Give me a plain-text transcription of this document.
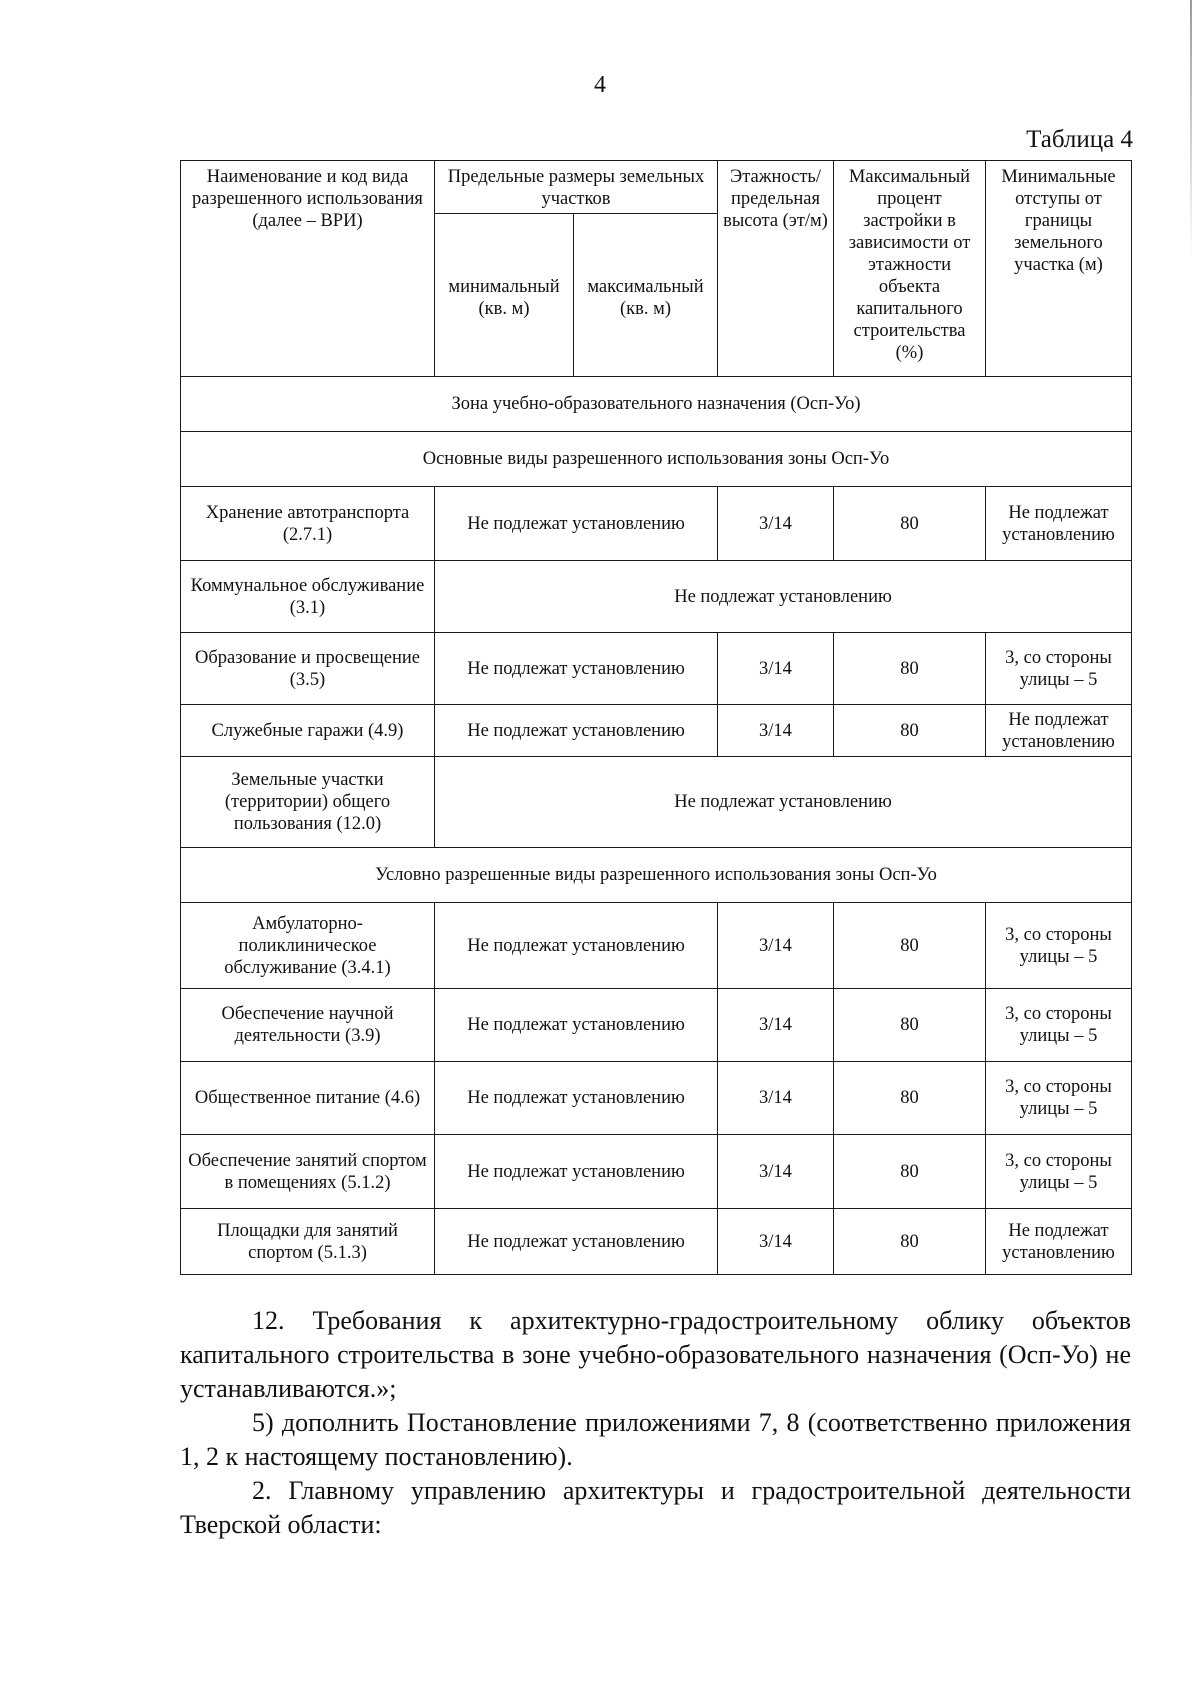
4
Таблица 4
Наименование и код вида разрешенного использования (далее – ВРИ)	Предельные размеры земельных участков		Этажность/ предельная высота (эт/м)	Максимальный процент застройки в зависимости от этажности объекта капитального строительства (%)	Минимальные отступы от границы земельного участка (м)
	минимальный (кв. м)	максимальный (кв. м)			
Зона учебно-образовательного назначения (Осп-Уо)					
Основные виды разрешенного использования зоны Осп-Уо					
Хранение автотранспорта (2.7.1)	Не подлежат установлению		3/14	80	Не подлежат установлению
Коммунальное обслуживание (3.1)	Не подлежат установлению				
Образование и просвещение (3.5)	Не подлежат установлению		3/14	80	3, со стороны улицы – 5
Служебные гаражи (4.9)	Не подлежат установлению		3/14	80	Не подлежат установлению
Земельные участки (территории) общего пользования (12.0)	Не подлежат установлению				
Условно разрешенные виды разрешенного использования зоны Осп-Уо					
Амбулаторно-поликлиническое обслуживание (3.4.1)	Не подлежат установлению		3/14	80	3, со стороны улицы – 5
Обеспечение научной деятельности (3.9)	Не подлежат установлению		3/14	80	3, со стороны улицы – 5
Общественное питание (4.6)	Не подлежат установлению		3/14	80	3, со стороны улицы – 5
Обеспечение занятий спортом в помещениях (5.1.2)	Не подлежат установлению		3/14	80	3, со стороны улицы – 5
Площадки для занятий спортом (5.1.3)	Не подлежат установлению		3/14	80	Не подлежат установлению

12. Требования к архитектурно-градостроительному облику объектов капитального строительства в зоне учебно-образовательного назначения (Осп-Уо) не устанавливаются.»;

5) дополнить Постановление приложениями 7, 8 (соответственно приложения 1, 2 к настоящему постановлению).

2. Главному управлению архитектуры и градостроительной деятельности Тверской области:
